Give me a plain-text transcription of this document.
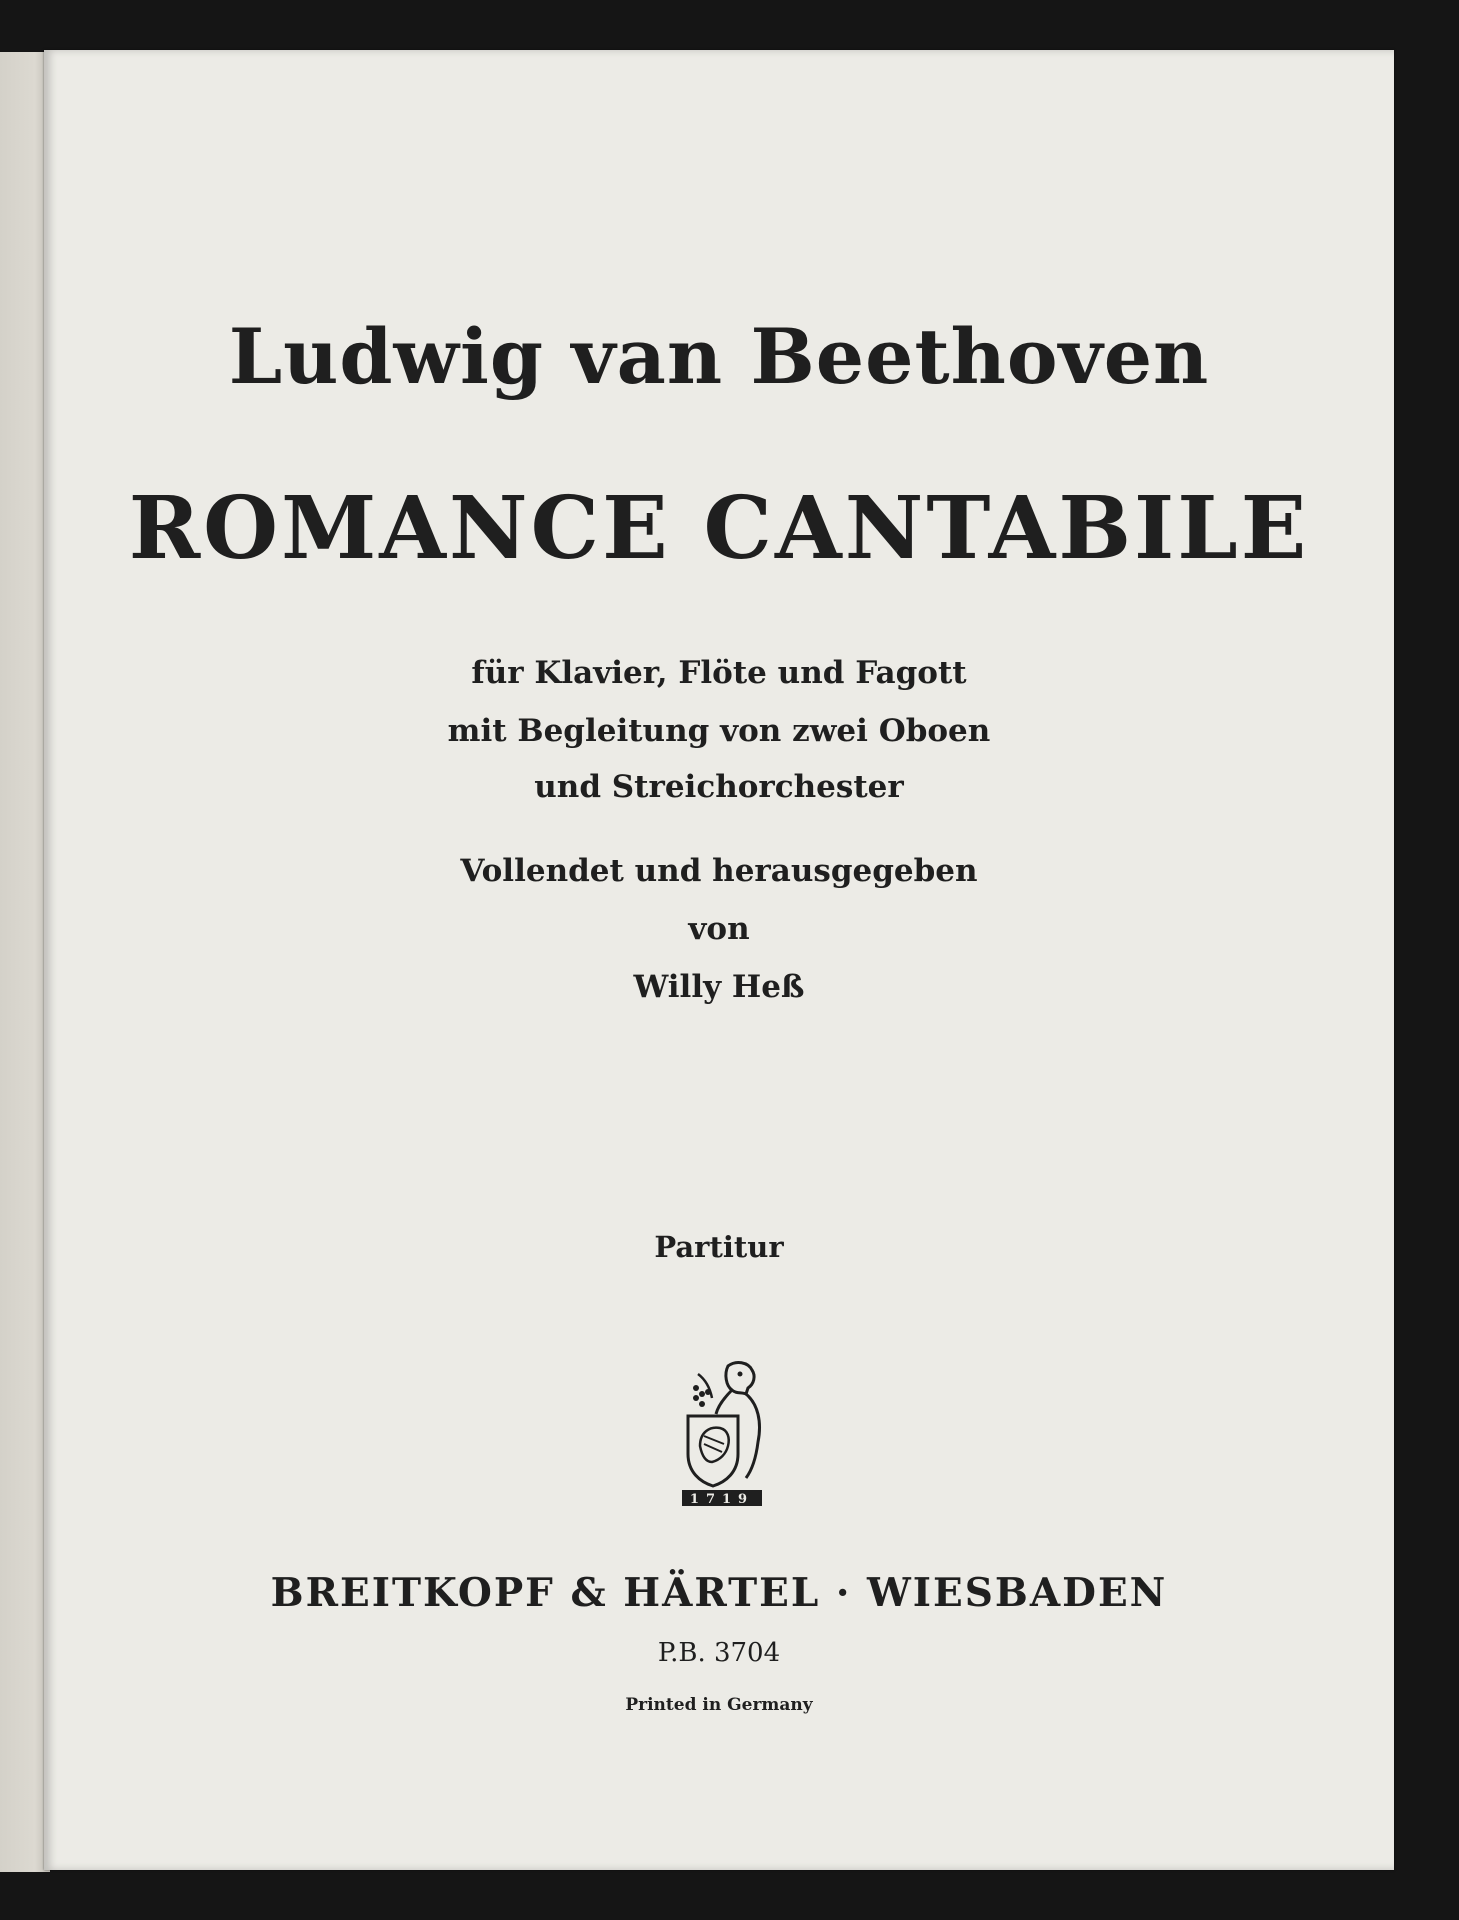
Ludwig van Beethoven
ROMANCE CANTABILE
für Klavier, Flöte und Fagott
mit Begleitung von zwei Oboen
und Streichorchester
Vollendet und herausgegeben
von
Willy Heß
Partitur
1719
BREITKOPF & HÄRTEL · WIESBADEN
P.B. 3704
Printed in Germany
